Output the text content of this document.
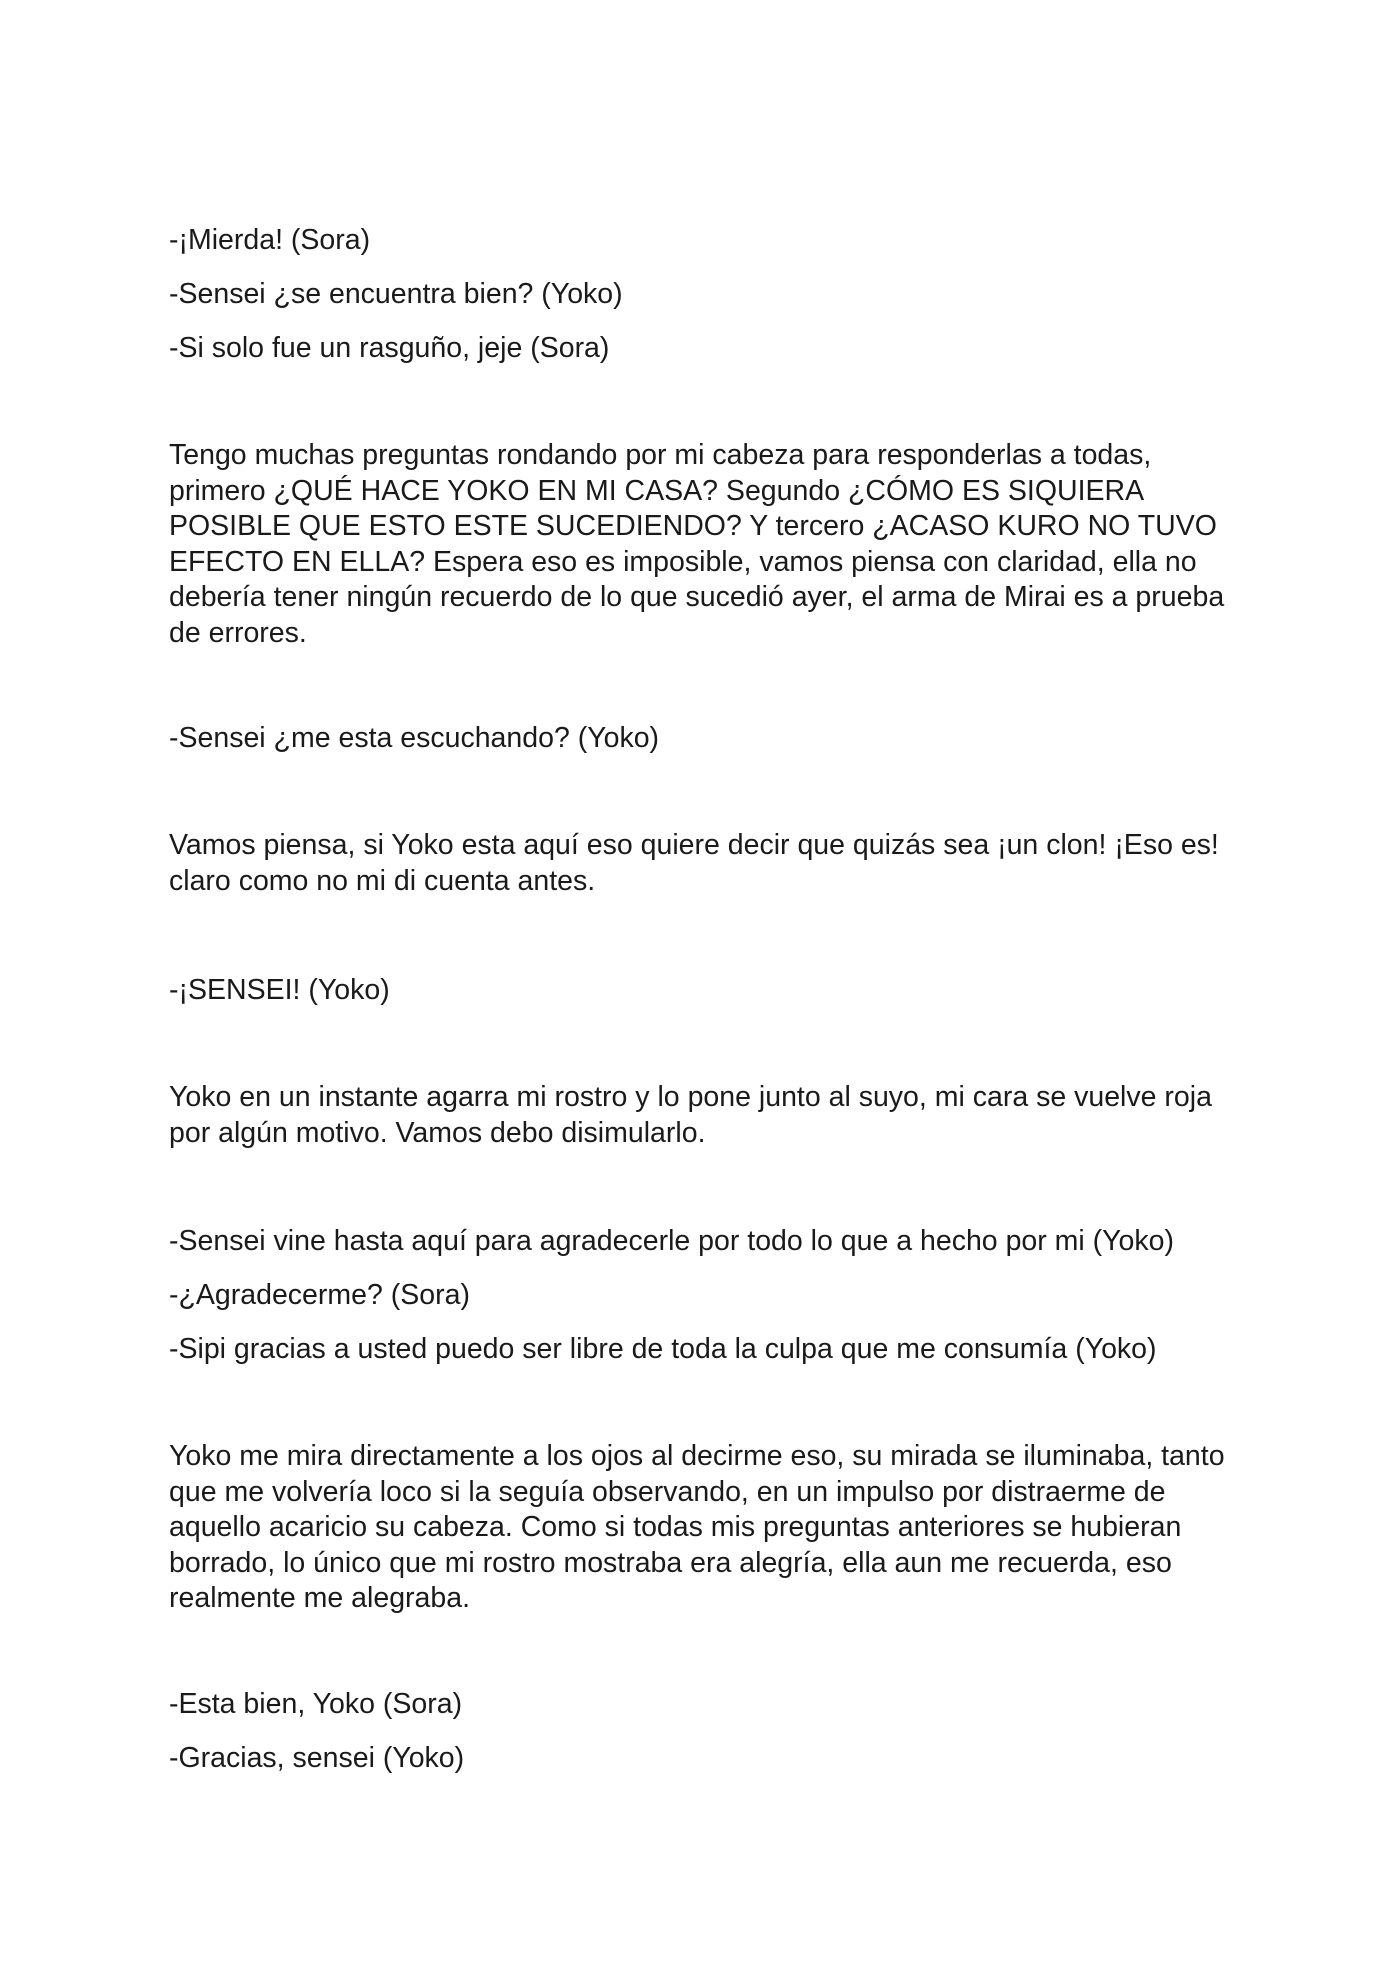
-¡Mierda! (Sora)

-Sensei ¿se encuentra bien? (Yoko)

-Si solo fue un rasguño, jeje (Sora)

Tengo muchas preguntas rondando por mi cabeza para responderlas a todas,
primero ¿QUÉ HACE YOKO EN MI CASA? Segundo ¿CÓMO ES SIQUIERA
POSIBLE QUE ESTO ESTE SUCEDIENDO? Y tercero ¿ACASO KURO NO TUVO
EFECTO EN ELLA? Espera eso es imposible, vamos piensa con claridad, ella no
debería tener ningún recuerdo de lo que sucedió ayer, el arma de Mirai es a prueba
de errores.

-Sensei ¿me esta escuchando? (Yoko)

Vamos piensa, si Yoko esta aquí eso quiere decir que quizás sea ¡un clon! ¡Eso es!
claro como no mi di cuenta antes.

-¡SENSEI! (Yoko)

Yoko en un instante agarra mi rostro y lo pone junto al suyo, mi cara se vuelve roja
por algún motivo. Vamos debo disimularlo.

-Sensei vine hasta aquí para agradecerle por todo lo que a hecho por mi (Yoko)

-¿Agradecerme? (Sora)

-Sipi gracias a usted puedo ser libre de toda la culpa que me consumía (Yoko)

Yoko me mira directamente a los ojos al decirme eso, su mirada se iluminaba, tanto
que me volvería loco si la seguía observando, en un impulso por distraerme de
aquello acaricio su cabeza. Como si todas mis preguntas anteriores se hubieran
borrado, lo único que mi rostro mostraba era alegría, ella aun me recuerda, eso
realmente me alegraba.

-Esta bien, Yoko (Sora)

-Gracias, sensei (Yoko)
